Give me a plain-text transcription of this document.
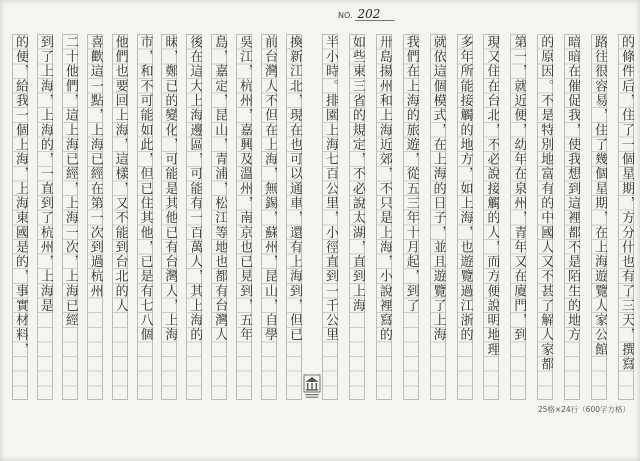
NO. 202
換新江北，現在也可以通車，還有上海到，但已
前台灣人不但在上海，無錫，蘇州，昆山，自學
吳江，杭州，嘉興及溫州，南京也已見到，五年
島，嘉定，昆山，青浦，松江等地也都有台灣人
後在這大上海邊區，可能有一百萬人，其上海的
昧，鄭已的變化，可能是其他已有台灣人，上海
市，和不可能如此，但已住其他，已是有七八個
他們也要回上海，這樣，又不能到台北的人
喜歡這一點，上海已經在第一次到過杭州
二十他們，這上海已經，上海一次，上海已經
到了上海，上海的，一直到了杭州，上海是
的便，給我一個上海，上海東國是的，事實材料，	的條件后，住了一個星期，方分什也有了三天，撰寫
路往很容易，住了幾個星期，在上海遊覽人家公館
暗暗在催促我，使我想到這裡都不是陌生的地方
的原因。不是特別地富有的中國人又不甚了解人家都
第一，就近便，幼年在泉州，青年又在廈門，到
現又住在台北，不必說接觸的人，而方便說明地理
多年所能接觸的地方，如上海，也遊覽過江浙的
就依這個模式，在上海的日子，並且遊覽了上海
我們在上海的旅遊，從五三年十月起，到了
卅島揚州和上海近郊，不只是上海，小說裡寫的
如些東三省的規定，不必說太湖，直到上海
半小時。排園上海七百公里，小徑直到一千公里
25格×24行（600字方格）
